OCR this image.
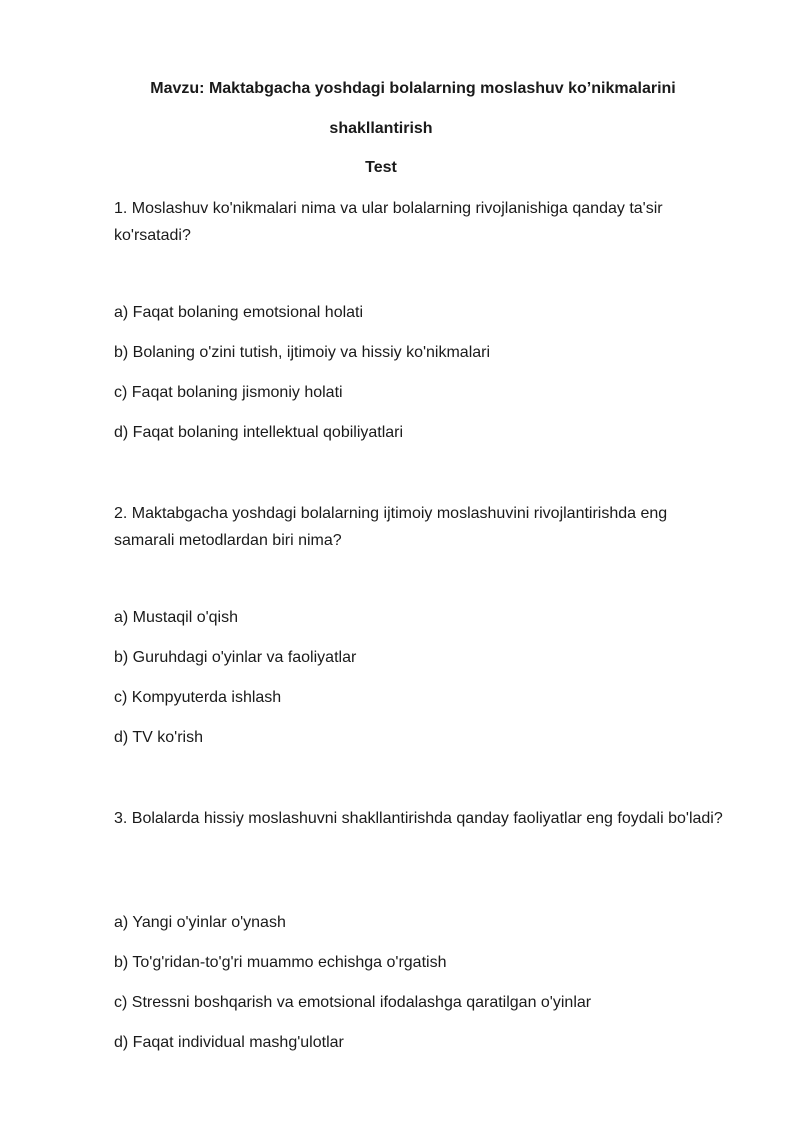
Mavzu: Maktabgacha yoshdagi bolalarning moslashuv ko’nikmalarini
shakllantirish
Test
1. Moslashuv ko'nikmalari nima va ular bolalarning rivojlanishiga qanday ta'sir ko'rsatadi?
a) Faqat bolaning emotsional holati
b) Bolaning o'zini tutish, ijtimoiy va hissiy ko'nikmalari
c) Faqat bolaning jismoniy holati
d) Faqat bolaning intellektual qobiliyatlari
2. Maktabgacha yoshdagi bolalarning ijtimoiy moslashuvini rivojlantirishda eng samarali metodlardan biri nima?
a) Mustaqil o'qish
b) Guruhdagi o'yinlar va faoliyatlar
c) Kompyuterda ishlash
d) TV ko'rish
3. Bolalarda hissiy moslashuvni shakllantirishda qanday faoliyatlar eng foydali bo'ladi?
a) Yangi o'yinlar o'ynash
b) To'g'ridan-to'g'ri muammo echishga o'rgatish
c) Stressni boshqarish va emotsional ifodalashga qaratilgan o'yinlar
d) Faqat individual mashg'ulotlar
